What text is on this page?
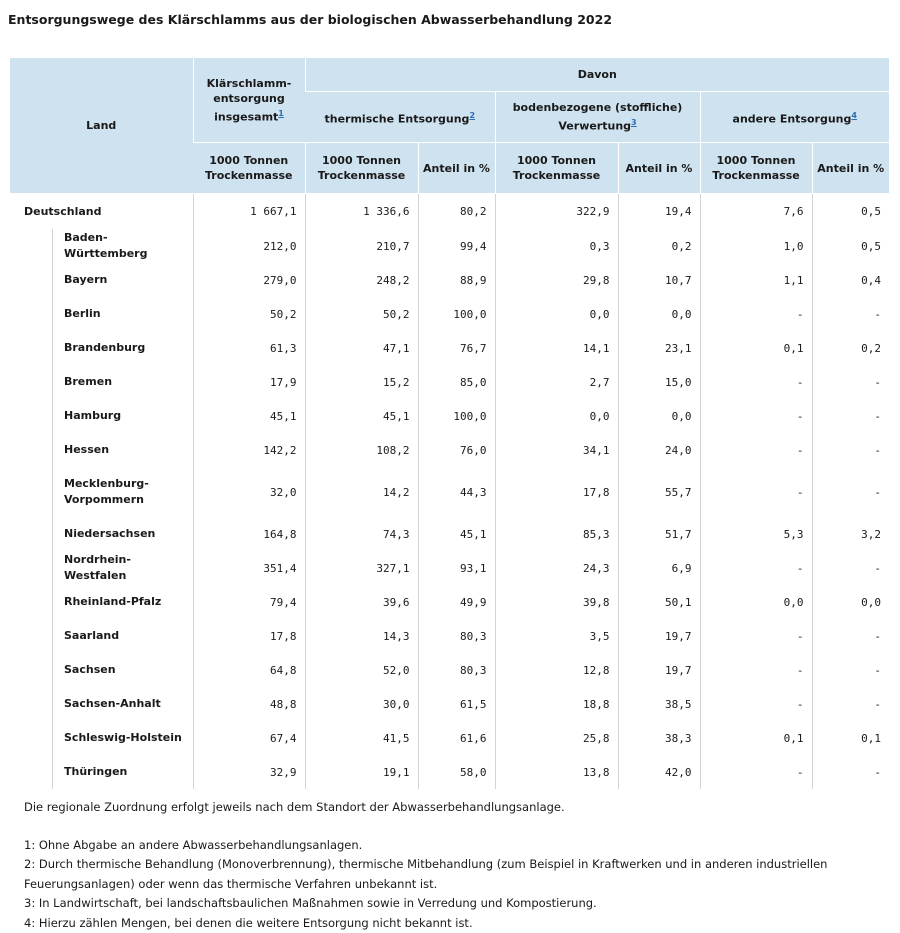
Entsorgungswege des Klärschlamms aus der biologischen Abwasserbehandlung 2022
Land	Klärschlamm-entsorgung insgesamt$^1$	Davon					
		thermische Entsorgung$^2$		bodenbezogene (stoffliche) Verwertung$^3$		andere Entsorgung$^4$
	1000 Tonnen Trockenmasse	1000 Tonnen Trockenmasse	Anteil in %	1000 Tonnen Trockenmasse	Anteil in %	1000 Tonnen Trockenmasse	Anteil in %
Deutschland	1 667,1	1 336,6	80,2	322,9	19,4	7,6	0,5
Baden-Württemberg	212,0	210,7	99,4	0,3	0,2	1,0	0,5
Bayern	279,0	248,2	88,9	29,8	10,7	1,1	0,4
Berlin	50,2	50,2	100,0	0,0	0,0	-	-
Brandenburg	61,3	47,1	76,7	14,1	23,1	0,1	0,2
Bremen	17,9	15,2	85,0	2,7	15,0	-	-
Hamburg	45,1	45,1	100,0	0,0	0,0	-	-
Hessen	142,2	108,2	76,0	34,1	24,0	-	-
Mecklenburg-Vorpommern	32,0	14,2	44,3	17,8	55,7	-	-
Niedersachsen	164,8	74,3	45,1	85,3	51,7	5,3	3,2
Nordrhein-Westfalen	351,4	327,1	93,1	24,3	6,9	-	-
Rheinland-Pfalz	79,4	39,6	49,9	39,8	50,1	0,0	0,0
Saarland	17,8	14,3	80,3	3,5	19,7	-	-
Sachsen	64,8	52,0	80,3	12,8	19,7	-	-
Sachsen-Anhalt	48,8	30,0	61,5	18,8	38,5	-	-
Schleswig-Holstein	67,4	41,5	61,6	25,8	38,3	0,1	0,1
Thüringen	32,9	19,1	58,0	13,8	42,0	-	-

Die regionale Zuordnung erfolgt jeweils nach dem Standort der Abwasserbehandlungsanlage.

1: Ohne Abgabe an andere Abwasserbehandlungsanlagen.

2: Durch thermische Behandlung (Monoverbrennung), thermische Mitbehandlung (zum Beispiel in Kraftwerken und in anderen industriellen Feuerungsanlagen) oder wenn das thermische Verfahren unbekannt ist.

3: In Landwirtschaft, bei landschaftsbaulichen Maßnahmen sowie in Verredung und Kompostierung.

4: Hierzu zählen Mengen, bei denen die weitere Entsorgung nicht bekannt ist.
